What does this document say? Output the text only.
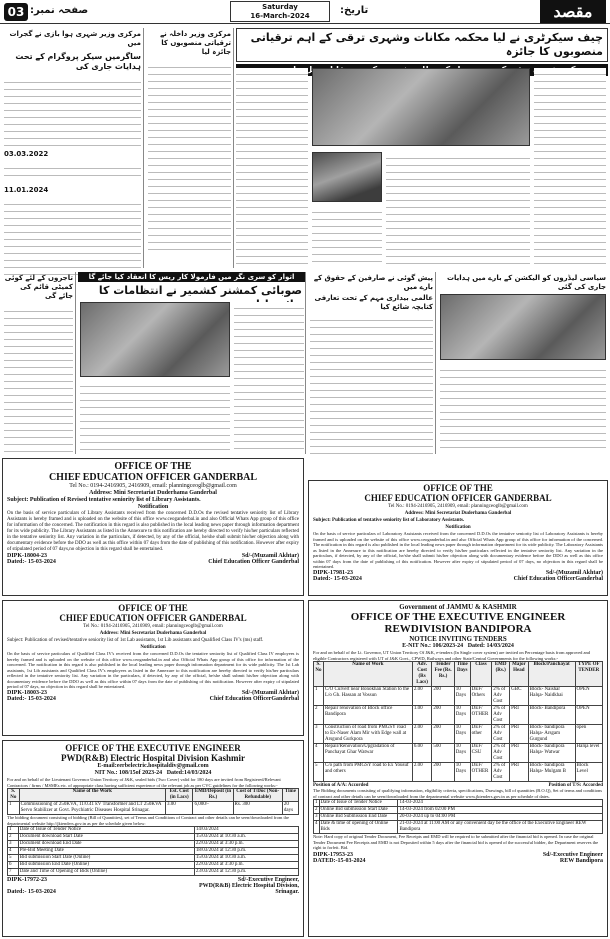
03 صفحہ نمبر:	Saturday
16-March-2024	تاریخ:	مقصد
مرکزی وزیر شہری ہوا بازی نے گجرات میں
ساگرمیں سیکر پروگرام کے تحت ہدایات جاری کی
03.03.2022
11.01.2024
مرکزی وزیر داخلہ نے ترقیاتی منصوبوں کا جائزہ لیا
چیف سیکرٹری نے لیا محکمہ مکانات وشہری ترقی کے اہم ترقیاتی منصوبوں کا جائزہ
تاجروں کے لئے کوئی کمیٹی قائم کی جائے گی
اتوار کو سری نگر میں فارمولا کار ریس کا انعقاد کیا جائے گا
صوبائی کمشنر کشمیر نے انتظامات کا
پیش گوئی نے صارفین کے حقوق کے بارے میں
عالمی بیداری مہم کے تحت تعارفی کتابچہ شائع کیا
سیاسی لیڈروں کو الیکشن کے بارے میں ہدایات جاری کی گئی
OFFICE OF THE
CHIEF EDUCATION OFFICER GANDERBAL
Tel No.: 0194-2416905, 2416909, email: planningceoglb@gmail.com
Address: Mini Secretariat Duderhama Ganderbal
Subject: Publication of Revised tentative seniority list of Library Assistants.
Notification
On the basis of service particulars of Library Assistants received from the concerned D.D.Os the revised tentative seniority list of Library Assistants is hereby framed and is uploaded on the website of this office www.ceoganderbal.in and also Official Whats App group of this office for information of the concerned. The notification in this regard is also published in the local leading news paper through information department for its wide publicity. The Library Assistants as listed in the Annexure to this notification are hereby directed to verify his/her particulars reflected in the tentative seniority list. Any variation in the particulars, if detected, by any of the official, he/she shall submit his/her objection along with documentary evidence before the DDO as well as this office within 07 days from the date of publishing of this notification. However after expiry of stipulated period of 07 days,no objection in this regard shall be entertained.
DIPK-18004-23	Sd/-(Muzamil Akhtar)
Dated:- 15-03-2024	Chief Education Officer Ganderbal
OFFICE OF THE
CHIEF EDUCATION OFFICER GANDERBAL
Tel No.: 0194-2416905, 2416909, email: planningceoglb@gmail.com
Address: Mini Secretariat Duderhama Ganderbal
Subject: Publication of tentative seniority list of Laboratory Assistants.
Notification
On the basis of service particulars of Laboratory Assistants received from the concerned D.D.Os the tentative seniority list of Laboratory Assistants is hereby framed and is uploaded on the website of this office www.ceoganderbal.in and also Official Whats App group of this office for information of the concerned. The notification in this regard is also published in the local leading news paper through information department for its wide publicity. The Laboratory Assistants as listed in the Annexure to this notification are hereby directed to verify his/her particulars reflected in the tentative seniority list. Any variation in the particulars, if detected, by any of the official, he/she shall submit his/her objection along with documentary evidence before the DDO as well as this office within 07 days from the date of publishing of this notification. However after expiry of stipulated period of 07 days, no objection in this regard shall be entertained.
DIPK-17981-23	Sd/-(Muzamil Akhtar)
Dated:- 15-03-2024	Chief Education OfficerGanderbal
OFFICE OF THE
CHIEF EDUCATION OFFICER GANDERBAL
Tel No.: 0194-2416905, 2416909, email: planningceoglb@gmail.com
Address: Mini Secretariat Duderhama Ganderbal
Subject: Publication of revised/tentative seniority list of 1st Lab assistants, 1st Lib assistants and Qualified Class IV's (ms) staff.
Notification
On the basis of service particulars of Qualified Class IV's received from the concerned D.D.Os the tentative seniority list of Qualified Class IV employees is hereby framed and is uploaded on the website of this office www.ceoganderbal.in and also Official Whats App group of this office for information of the concerned. The notification in this regard is also published in the local leading news paper through information department for its wide publicity. The 1st Lab assistants, 1st Lib assistants and Qualified Class IV's employees as listed in the Annexure to this notification are hereby directed to verify his/her particulars reflected in the tentative seniority list. Any variation in the particulars, if detected, by any of the official, he/she shall submit his/her objection along with documentary evidence before the DDO as well as this office within 07 days from the date of publishing of this notification. However after expiry of stipulated period of 07 days, no objection in this regard shall be entertained.
DIPK-18003-23	Sd/-(Muzamil Akhtar)
Dated:- 15-03-2024	Chief Education OfficerGanderbal
OFFICE OF THE EXECUTIVE ENGINEER
PWD(R&B) Electric Hospital Division Kashmir
E-mail:eerbelectric.hospitaldiv@gmail.com
NIT No.: 108/15of 2023-24 Dated:14/03/2024
For and on behalf of the Lieutenant Governor Union Territory of J&K, sealed bids (Two Cover) valid for 180 days are invited from Registered/Relevant Contractors / firms / MSMEs etc. of appropriate class having sufficient experience of the relevant job as per CVC guidelines for the following works:-
S. No	Name of the Work	Est. Cost (in Lacs)	EMD/Deposit (in Rs.)	Cost of T/Doc (Non-Refundable)	Time
1	Commissioning of 250KVA, 11/0.41 kV Transformer and LT 250KVA Servo Stabilizer at Govt. Psychiatric Diseases Hospital Srinagar.	3.00	6,000/-	Rs. 300	20 days
The bidding document consisting of bidding (Bill of Quantities), set of Terms and Conditions of Contract and other details can be seen/downloaded from the departmental website http://jktenders.gov.in as per the schedule given below:
1	Date of Issue of Tender Notice	14/03/2024
2	Document download Start Date	15/03/2024 at 10:30 a.m.
3	Document download End Date	22/03/2024 at 3:30 p.m.
4	Pre-Bid Meeting Date	18/03/2024 at 12:30 p.m.
5	Bid submission Start Date (Online)	15/03/2024 at 10:30 a.m.
6	Bid submission End Date (Online)	22/03/2024 at 3:30 p.m.
7	Date and Time of Opening of Bids (Online)	23/03/2024 at 12:30 p.m.
DIPK-17972-23	Sd/-Executive Engineer,
PWD(R&B) Electric Hospital Division,
Dated:- 15-03-2024	Srinagar.
Government of JAMMU & KASHMIR
OFFICE OF THE EXECUTIVE ENGINEER
REWDIVISION BANDIPORA
NOTICE INVITING TENDERS
E-NIT No.: 106/2023-24 Dated: 14/03/2024
For and on behalf of the Lt. Governor, UT Union Territory Of J&K, e-tenders (In Single cover system) are invited on Percentage basis from approved and eligible Contractors registered with UT of J&K Govt., CPWD, Railways and other State/Central Governments for the following works:-
S. No	Name of Work	Adv. Cost (Rs Lacs)	Tender Fee (Rs. Rs.)	Time Days	Class	EMD (Rs.)	Major Head	Block/Panchayat	TYPE OF TENDER
1	C/O Culvert near Bonokhan Station to the L/o Gh. Hassan at Vossun	2.00	200	10 Days	DEF/ Others	2% of Adv Cost	GBC	Block- Naishar Halqa- Naidkhai	OPEN
2	Repair renovation of Block office Bandipora	1.00	200	10 Days	DEF/ OTHER	2% of Adv Cost	PRI	Block- Bandipora	OPEN
3	Construction of road from PMGSY road to Ex-Naser Alam Mir with Edge wall at Arsgund Gurkpora	2.00	200	10 Days	DEF/ other	2% of Adv Cost	PRI	Block- bandipora Halqa- Arsgam Gurgund	open
4	Repair/Renovation/Upgradation of Panchayat Ghar Watwar	6.00	500	10 Days	DEF/ CSU	2% of Adv Cost	PRI	Block- bandipora Halqa- Watwar	Halqa level
5	C/o path from PMGSY road to Ex Yousuf and others	2.00	200	10 Days	DEF/ OTHER	2% of Adv Cost	PRI	Block- bandipora Halqa- Mulgam B	Block Level
Position of A/A: Accorded	Position of T/S: Accorded
The Bidding documents consisting of qualifying information, eligibility criteria, specifications, Drawings, bill of quantities (B.O.Q), Set of terms and conditions of contract and other details can be seen/downloaded from the departmental website www.jktenders.gov.in as per schedule of dates.
1	Date of Issue of Tender Notice	14-03-2024
2	Online Bid submission Start Date	14-03-2024 from 02:00 PM
3	Online Bid Submission End Date	20-03-2024 up to 04:00 PM
4	Date & time of opening of Online Bids	21-03-2024 at 11:00 AM or any convenient day be the office of the Executive Engineer REW Bandipora
Note: Hard copy of original Tender Document, Fee Receipts and EMD will be required to be submitted after the financial bid is opened. In case the original Tender Document Fee Receipts and EMD is not Deposited within 5 days after the financial bid is opened of the successful bidder, the Department reserves the right to forfeit. Bid.
DIPK-17953-23	Sd/-Executive Engineer
DATED:-15-03-2024	REW Bandipora
